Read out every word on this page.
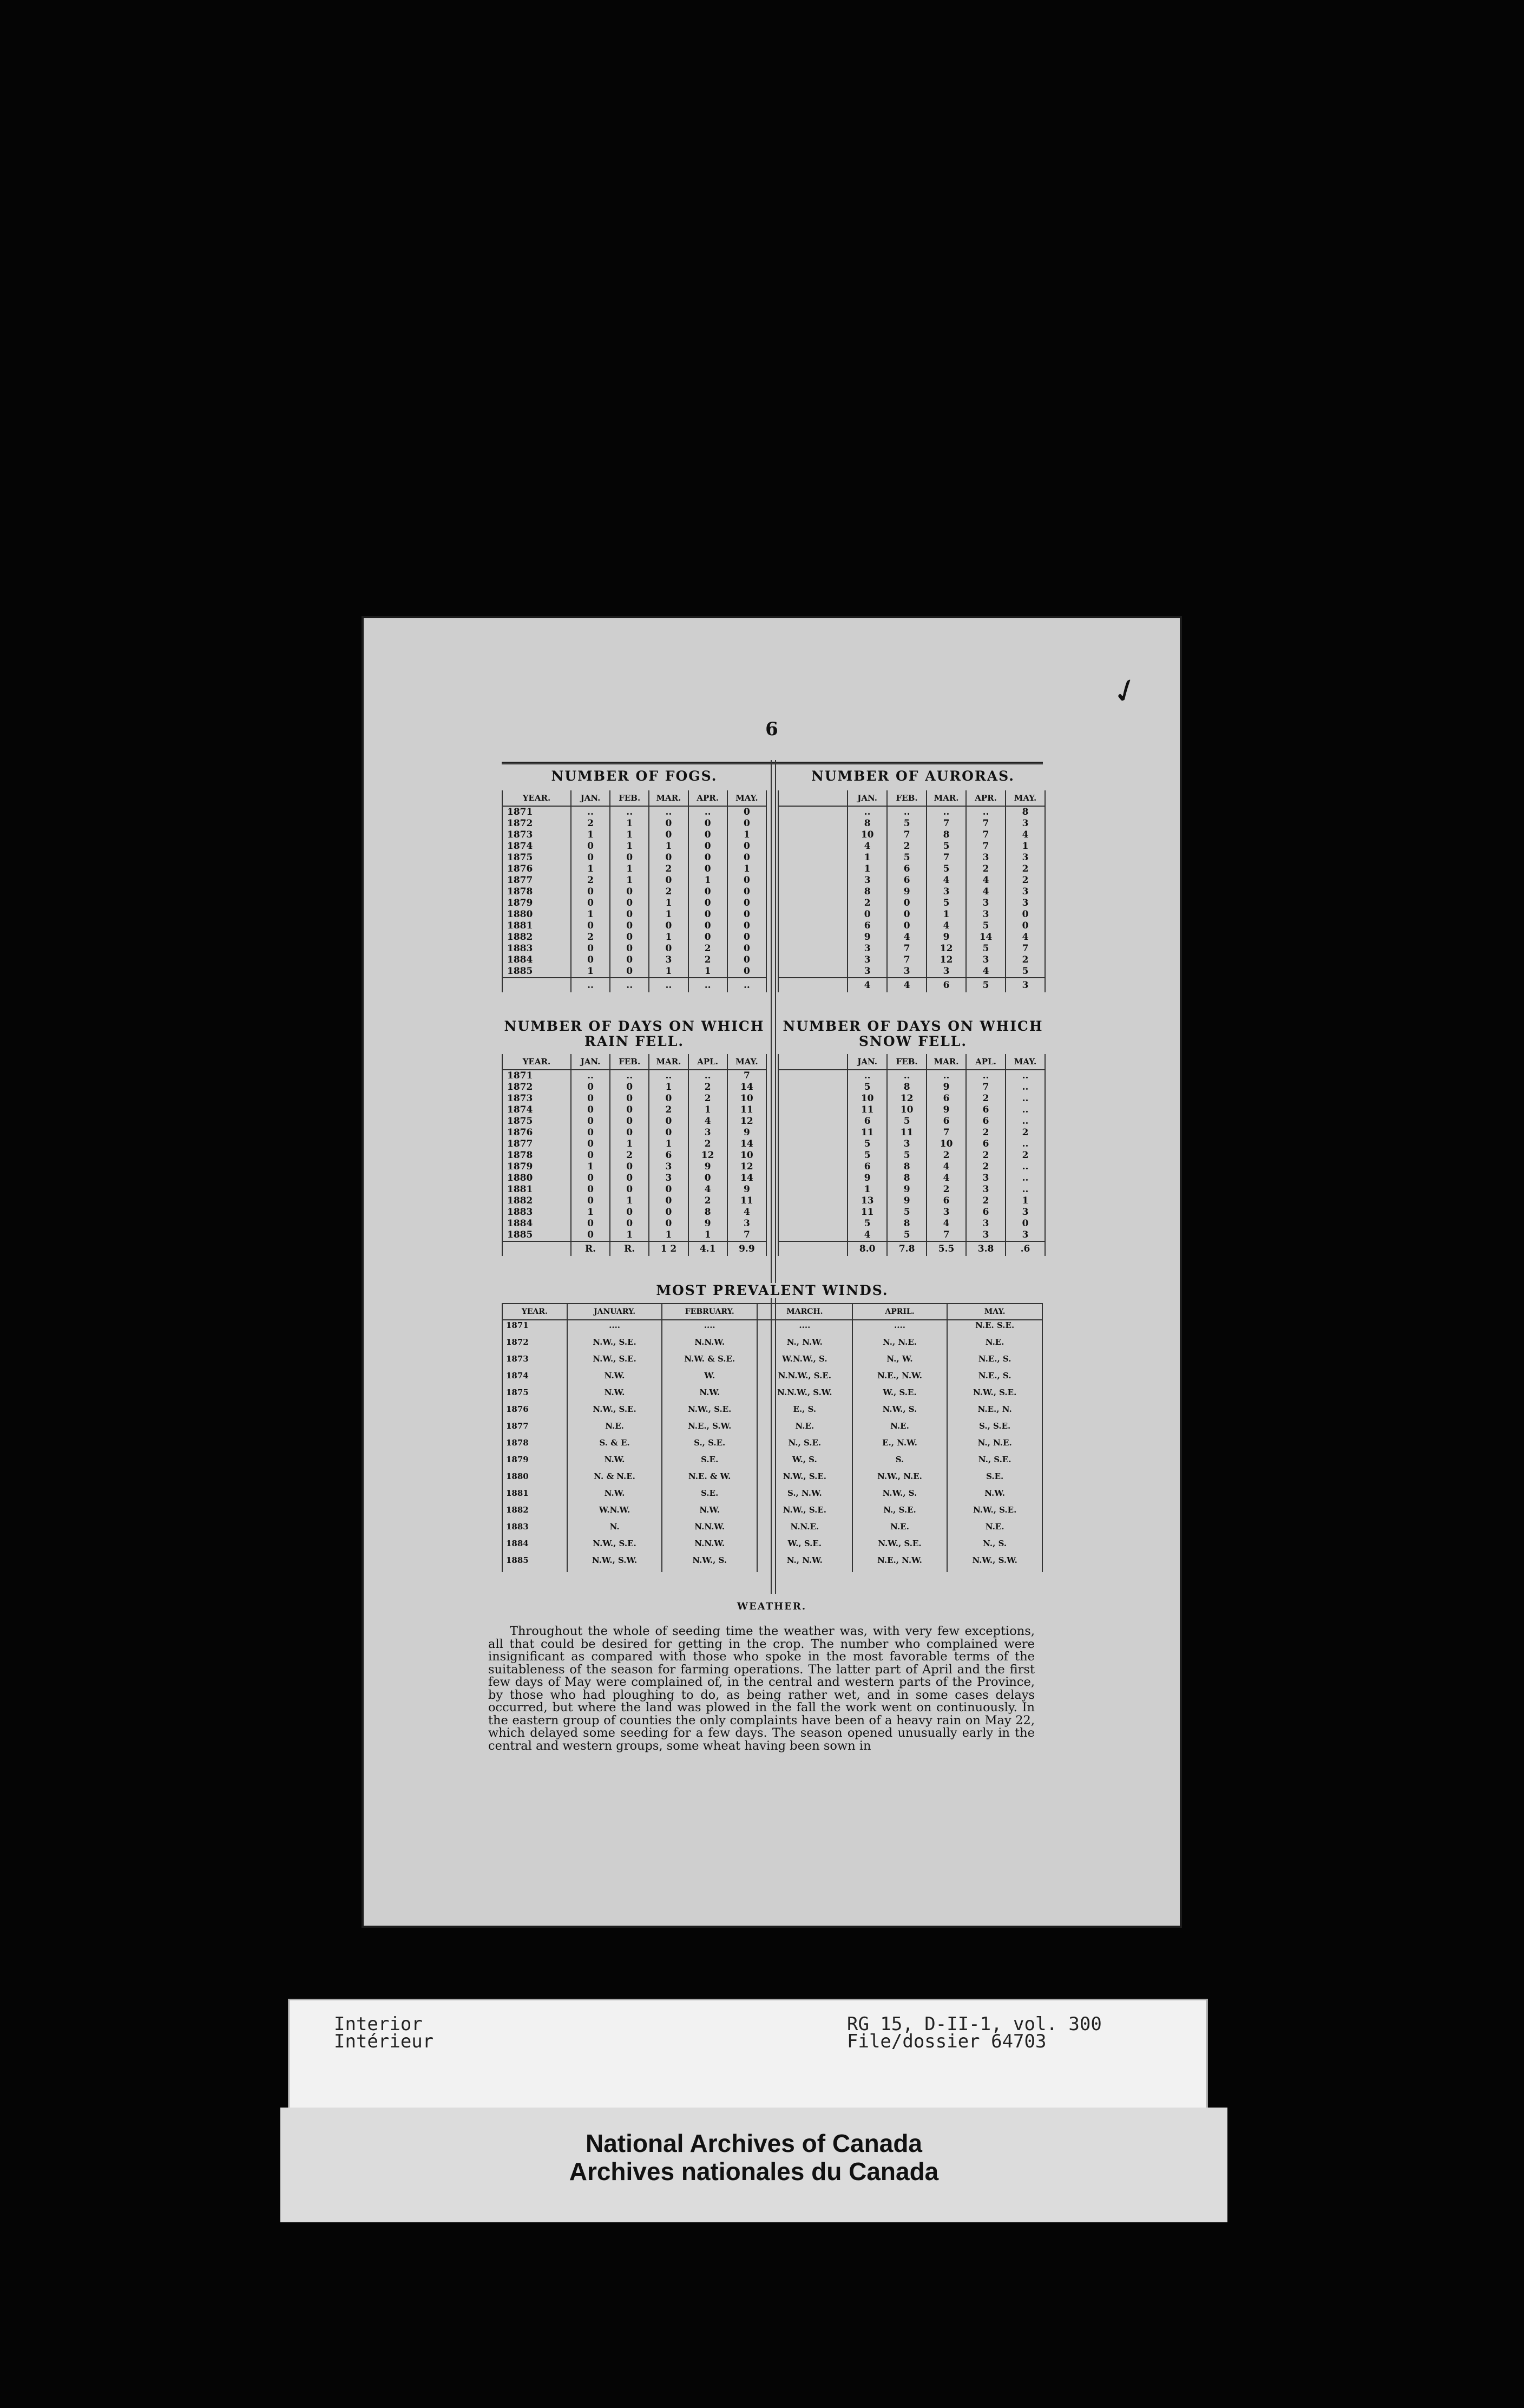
6
✓
NUMBER OF FOGS.	NUMBER OF AURORAS.
YEAR.	JAN.	FEB.	MAR.	APR.	MAY.
1871	..	..	..	..	0
1872	2	1	0	0	0
1873	1	1	0	0	1
1874	0	1	1	0	0
1875	0	0	0	0	0
1876	1	1	2	0	1
1877	2	1	0	1	0
1878	0	0	2	0	0
1879	0	0	1	0	0
1880	1	0	1	0	0
1881	0	0	0	0	0
1882	2	0	1	0	0
1883	0	0	0	2	0
1884	0	0	3	2	0
1885	1	0	1	1	0
	..	..	..	..	..
	JAN.	FEB.	MAR.	APR.	MAY.
	..	..	..	..	8
	8	5	7	7	3
	10	7	8	7	4
	4	2	5	7	1
	1	5	7	3	3
	1	6	5	2	2
	3	6	4	4	2
	8	9	3	4	3
	2	0	5	3	3
	0	0	1	3	0
	6	0	4	5	0
	9	4	9	14	4
	3	7	12	5	7
	3	7	12	3	2
	3	3	3	4	5
	4	4	6	5	3
NUMBER OF DAYS ON WHICH RAIN FELL.
NUMBER OF DAYS ON WHICH SNOW FELL.
YEAR.	JAN.	FEB.	MAR.	APL.	MAY.
1871	..	..	..	..	7
1872	0	0	1	2	14
1873	0	0	0	2	10
1874	0	0	2	1	11
1875	0	0	0	4	12
1876	0	0	0	3	9
1877	0	1	1	2	14
1878	0	2	6	12	10
1879	1	0	3	9	12
1880	0	0	3	0	14
1881	0	0	0	4	9
1882	0	1	0	2	11
1883	1	0	0	8	4
1884	0	0	0	9	3
1885	0	1	1	1	7
	R.	R.	1 2	4.1	9.9
	JAN.	FEB.	MAR.	APL.	MAY.
	..	..	..	..	..
	5	8	9	7	..
	10	12	6	2	..
	11	10	9	6	..
	6	5	6	6	..
	11	11	7	2	2
	5	3	10	6	..
	5	5	2	2	2
	6	8	4	2	..
	9	8	4	3	..
	1	9	2	3	..
	13	9	6	2	1
	11	5	3	6	3
	5	8	4	3	0
	4	5	7	3	3
	8.0	7.8	5.5	3.8	.6
MOST PREVALENT WINDS.
YEAR.	JANUARY.	FEBRUARY.	MARCH.	APRIL.	MAY.
1871	....	....	....	....	N.E. S.E.
1872	N.W., S.E.	N.N.W.	N., N.W.	N., N.E.	N.E.
1873	N.W., S.E.	N.W. & S.E.	W.N.W., S.	N., W.	N.E., S.
1874	N.W.	W.	N.N.W., S.E.	N.E., N.W.	N.E., S.
1875	N.W.	N.W.	N.N.W., S.W.	W., S.E.	N.W., S.E.
1876	N.W., S.E.	N.W., S.E.	E., S.	N.W., S.	N.E., N.
1877	N.E.	N.E., S.W.	N.E.	N.E.	S., S.E.
1878	S. & E.	S., S.E.	N., S.E.	E., N.W.	N., N.E.
1879	N.W.	S.E.	W., S.	S.	N., S.E.
1880	N. & N.E.	N.E. & W.	N.W., S.E.	N.W., N.E.	S.E.
1881	N.W.	S.E.	S., N.W.	N.W., S.	N.W.
1882	W.N.W.	N.W.	N.W., S.E.	N., S.E.	N.W., S.E.
1883	N.	N.N.W.	N.N.E.	N.E.	N.E.
1884	N.W., S.E.	N.N.W.	W., S.E.	N.W., S.E.	N., S.
1885	N.W., S.W.	N.W., S.	N., N.W.	N.E., N.W.	N.W., S.W.
WEATHER.
Throughout the whole of seeding time the weather was, with very few exceptions, all that could be desired for getting in the crop. The number who complained were insignificant as compared with those who spoke in the most favorable terms of the suitableness of the season for farming operations. The latter part of April and the first few days of May were complained of, in the central and western parts of the Province, by those who had ploughing to do, as being rather wet, and in some cases delays occurred, but where the land was plowed in the fall the work went on continuously. In the eastern group of counties the only complaints have been of a heavy rain on May 22, which delayed some seeding for a few days. The season opened unusually early in the central and western groups, some wheat having been sown in
Interior
Intérieur
RG 15, D-II-1, vol. 300
File/dossier 64703
National Archives of Canada
Archives nationales du Canada
